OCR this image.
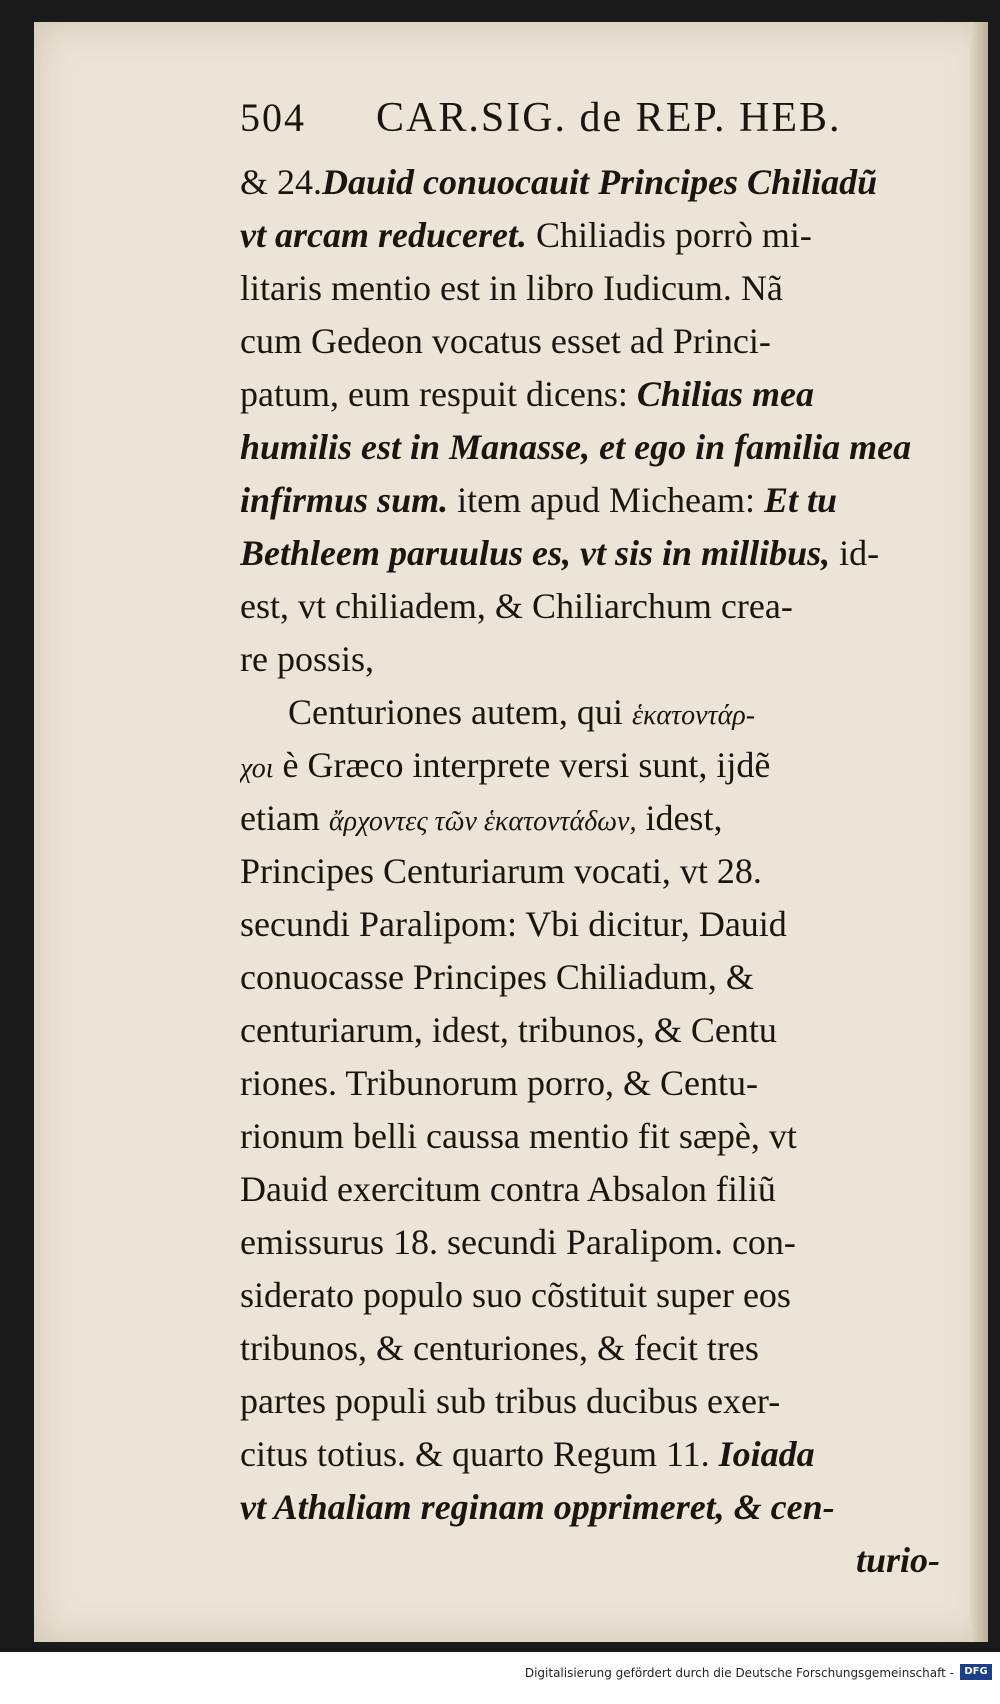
504 CAR.SIG. de REP. HEB.
& 24.Dauid conuocauit Principes Chiliadũ
vt arcam reduceret. Chiliadis porrò mi-
litaris mentio est in libro Iudicum. Nã
cum Gedeon vocatus esset ad Princi-
patum, eum respuit dicens: Chilias mea
humilis est in Manasse, et ego in familia mea
infirmus sum. item apud Micheam: Et tu
Bethleem paruulus es, vt sis in millibus, id-
est, vt chiliadem, & Chiliarchum crea-
re possis,
Centuriones autem, qui ἑκατοντάρ-
χοι è Græco interprete versi sunt, ijdẽ
etiam ἄρχοντες τῶν ἑκατοντάδων, idest,
Principes Centuriarum vocati, vt 28.
secundi Paralipom: Vbi dicitur, Dauid
conuocasse Principes Chiliadum, &
centuriarum, idest, tribunos, & Centu
riones. Tribunorum porro, & Centu-
rionum belli caussa mentio fit sæpè, vt
Dauid exercitum contra Absalon filiũ
emissurus 18. secundi Paralipom. con-
siderato populo suo cõstituit super eos
tribunos, & centuriones, & fecit tres
partes populi sub tribus ducibus exer-
citus totius. & quarto Regum 11. Ioiada
vt Athaliam reginam opprimeret, & cen-
turio-
Digitalisierung gefördert durch die Deutsche Forschungsgemeinschaft -	DFG
